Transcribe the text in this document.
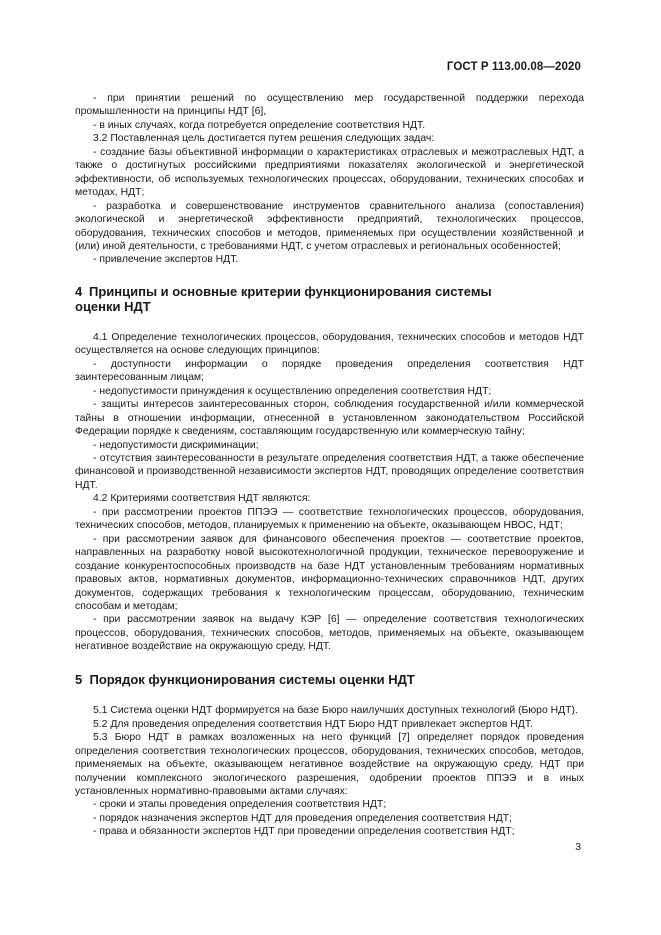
ГОСТ Р 113.00.08—2020

- при принятии решений по осуществлению мер государственной поддержки перехода промышленности на принципы НДТ [6],

- в иных случаях, когда потребуется определение соответствия НДТ.

3.2 Поставленная цель достигается путем решения следующих задач:

- создание базы объективной информации о характеристиках отраслевых и межотраслевых НДТ, а также о достигнутых российскими предприятиями показателях экологической и энергетической эффективности, об используемых технологических процессах, оборудовании, технических способах и методах, НДТ;

- разработка и совершенствование инструментов сравнительного анализа (сопоставления) экологической и энергетической эффективности предприятий, технологических процессов, оборудования, технических способов и методов, применяемых при осуществлении хозяйственной и (или) иной деятельности, с требованиями НДТ, с учетом отраслевых и региональных особенностей;

- привлечение экспертов НДТ.

4 Принципы и основные критерии функционирования системы
оценки НДТ

4.1 Определение технологических процессов, оборудования, технических способов и методов НДТ осуществляется на основе следующих принципов:

- доступности информации о порядке проведения определения соответствия НДТ заинтересованным лицам;

- недопустимости принуждения к осуществлению определения соответствия НДТ;

- защиты интересов заинтересованных сторон, соблюдения государственной и/или коммерческой тайны в отношении информации, отнесенной в установленном законодательством Российской Федерации порядке к сведениям, составляющим государственную или коммерческую тайну;

- недопустимости дискриминации;

- отсутствия заинтересованности в результате определения соответствия НДТ, а также обеспечение финансовой и производственной независимости экспертов НДТ, проводящих определение соответствия НДТ.

4.2 Критериями соответствия НДТ являются:

- при рассмотрении проектов ППЭЭ — соответствие технологических процессов, оборудования, технических способов, методов, планируемых к применению на объекте, оказывающем НВОС, НДТ;

- при рассмотрении заявок для финансового обеспечения проектов — соответствие проектов, направленных на разработку новой высокотехнологичной продукции, техническое перевооружение и создание конкурентоспособных производств на базе НДТ установленным требованиям нормативных правовых актов, нормативных документов, информационно-технических справочников НДТ, других документов, содержащих требования к технологическим процессам, оборудованию, техническим способам и методам;

- при рассмотрении заявок на выдачу КЭР [6] — определение соответствия технологических процессов, оборудования, технических способов, методов, применяемых на объекте, оказывающем негативное воздействие на окружающую среду, НДТ.

5 Порядок функционирования системы оценки НДТ

5.1 Система оценки НДТ формируется на базе Бюро наилучших доступных технологий (Бюро НДТ).

5.2 Для проведения определения соответствия НДТ Бюро НДТ привлекает экспертов НДТ.

5.3 Бюро НДТ в рамках возложенных на него функций [7] определяет порядок проведения определения соответствия технологических процессов, оборудования, технических способов, методов, применяемых на объекте, оказывающем негативное воздействие на окружающую среду, НДТ при получении комплексного экологического разрешения, одобрении проектов ППЭЭ и в иных установленных нормативно-правовыми актами случаях:

- сроки и этапы проведения определения соответствия НДТ;

- порядок назначения экспертов НДТ для проведения определения соответствия НДТ;

- права и обязанности экспертов НДТ при проведении определения соответствия НДТ;

3
